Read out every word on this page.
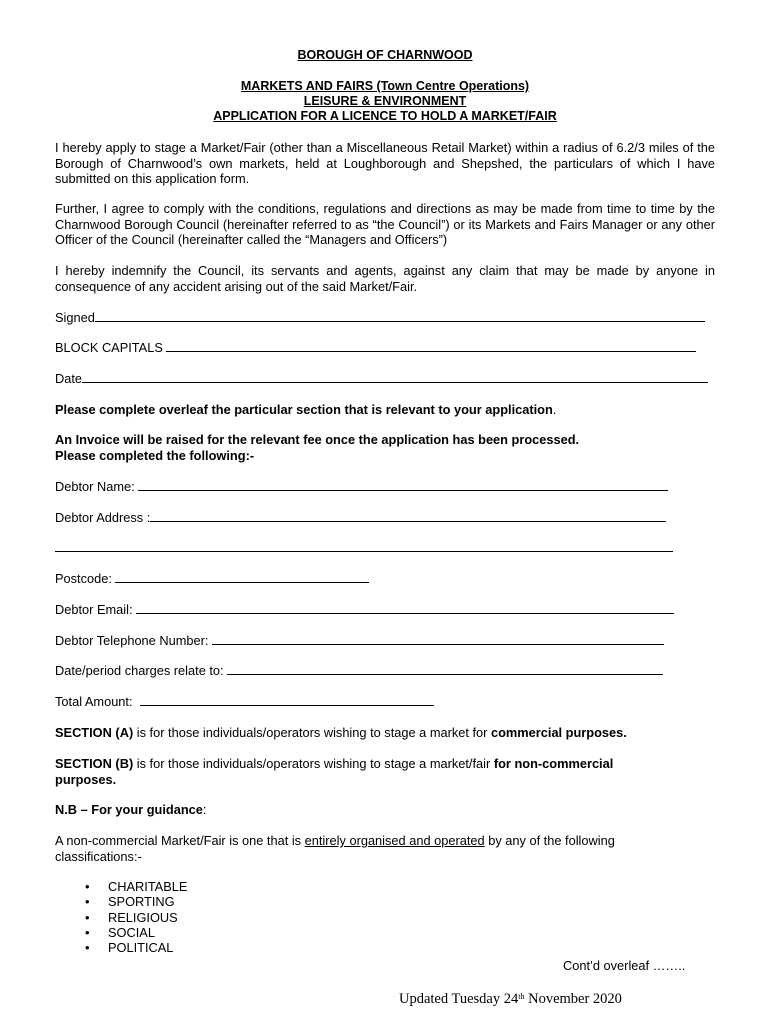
BOROUGH OF CHARNWOOD
MARKETS AND FAIRS (Town Centre Operations)
LEISURE & ENVIRONMENT
APPLICATION FOR A LICENCE TO HOLD A MARKET/FAIR
I hereby apply to stage a Market/Fair (other than a Miscellaneous Retail Market) within a radius of 6.2/3 miles of the Borough of Charnwood’s own markets, held at Loughborough and Shepshed, the particulars of which I have submitted on this application form.
Further, I agree to comply with the conditions, regulations and directions as may be made from time to time by the Charnwood Borough Council (hereinafter referred to as “the Council”) or its Markets and Fairs Manager or any other Officer of the Council (hereinafter called the “Managers and Officers”)
I hereby indemnify the Council, its servants and agents, against any claim that may be made by anyone in consequence of any accident arising out of the said Market/Fair.
Signed
BLOCK CAPITALS
Date
Please complete overleaf the particular section that is relevant to your application.
An Invoice will be raised for the relevant fee once the application has been processed.
Please completed the following:-
Debtor Name:
Debtor Address :
Postcode:
Debtor Email:
Debtor Telephone Number:
Date/period charges relate to:
Total Amount:
SECTION (A) is for those individuals/operators wishing to stage a market for commercial purposes.
SECTION (B) is for those individuals/operators wishing to stage a market/fair for non-commercial
purposes.
N.B – For your guidance:
A non-commercial Market/Fair is one that is entirely organised and operated by any of the following
classifications:-
• CHARITABLE
• SPORTING
• RELIGIOUS
• SOCIAL
• POLITICAL
Cont’d overleaf ……..
Updated Tuesday 24th November 2020
